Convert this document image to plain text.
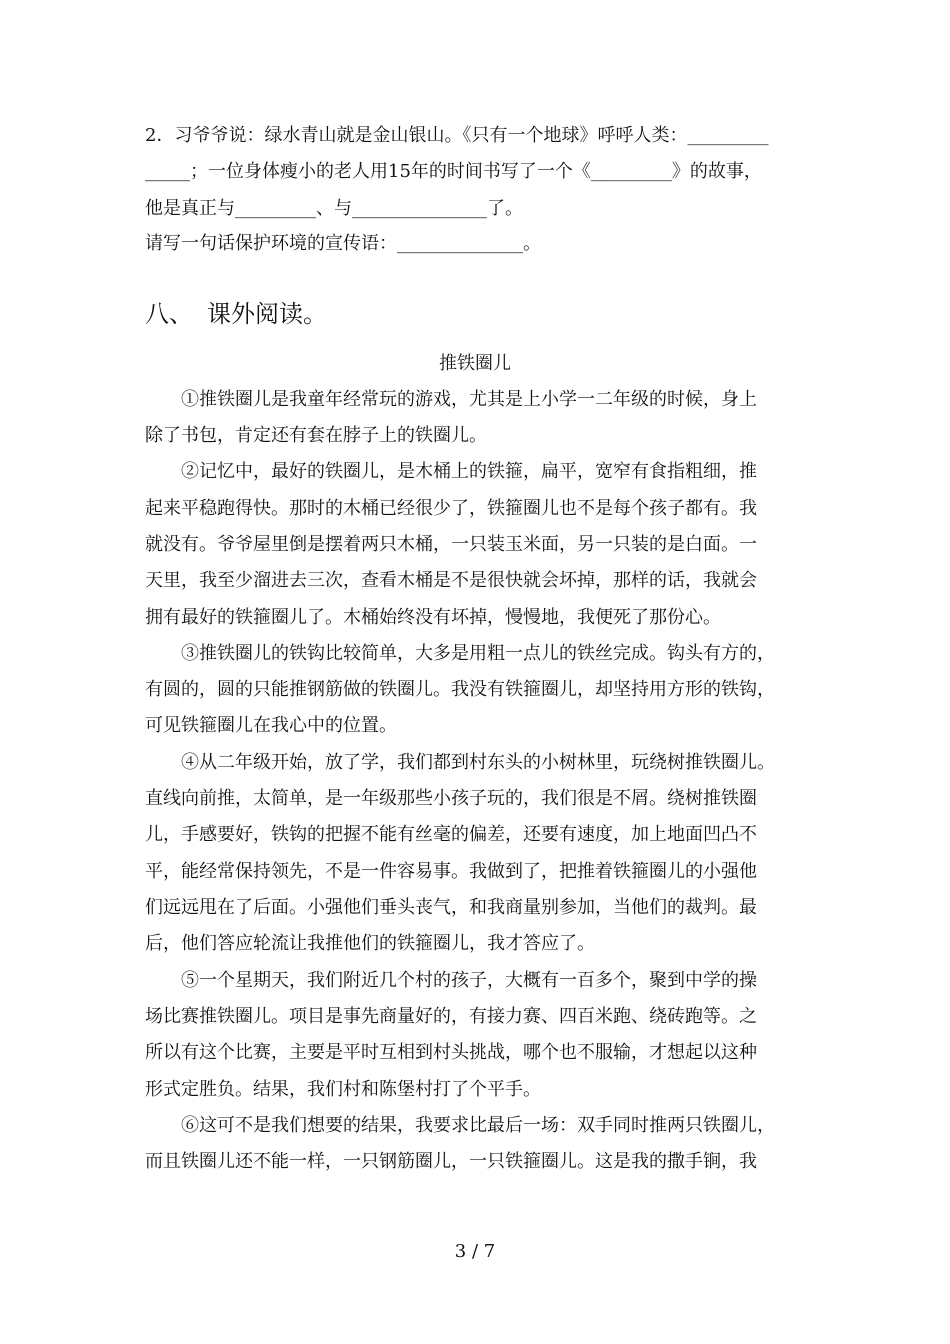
2．习爷爷说：绿水青山就是金山银山。《只有一个地球》呼呼人类：_________
_____；一位身体瘦小的老人用15年的时间书写了一个《_________》的故事，
他是真正与_________、与_______________了。
请写一句话保护环境的宣传语：______________。
八、 课外阅读。
推铁圈儿
　　①推铁圈儿是我童年经常玩的游戏，尤其是上小学一二年级的时候，身上
除了书包，肯定还有套在脖子上的铁圈儿。
　　②记忆中，最好的铁圈儿，是木桶上的铁箍，扁平，宽窄有食指粗细，推
起来平稳跑得快。那时的木桶已经很少了，铁箍圈儿也不是每个孩子都有。我
就没有。爷爷屋里倒是摆着两只木桶，一只装玉米面，另一只装的是白面。一
天里，我至少溜进去三次，查看木桶是不是很快就会坏掉，那样的话，我就会
拥有最好的铁箍圈儿了。木桶始终没有坏掉，慢慢地，我便死了那份心。
　　③推铁圈儿的铁钩比较简单，大多是用粗一点儿的铁丝完成。钩头有方的，
有圆的，圆的只能推钢筋做的铁圈儿。我没有铁箍圈儿，却坚持用方形的铁钩，
可见铁箍圈儿在我心中的位置。
　　④从二年级开始，放了学，我们都到村东头的小树林里，玩绕树推铁圈儿。
直线向前推，太简单，是一年级那些小孩子玩的，我们很是不屑。绕树推铁圈
儿，手感要好，铁钩的把握不能有丝毫的偏差，还要有速度，加上地面凹凸不
平，能经常保持领先，不是一件容易事。我做到了，把推着铁箍圈儿的小强他
们远远甩在了后面。小强他们垂头丧气，和我商量别参加，当他们的裁判。最
后，他们答应轮流让我推他们的铁箍圈儿，我才答应了。
　　⑤一个星期天，我们附近几个村的孩子，大概有一百多个，聚到中学的操
场比赛推铁圈儿。项目是事先商量好的，有接力赛、四百米跑、绕砖跑等。之
所以有这个比赛，主要是平时互相到村头挑战，哪个也不服输，才想起以这种
形式定胜负。结果，我们村和陈堡村打了个平手。
　　⑥这可不是我们想要的结果，我要求比最后一场：双手同时推两只铁圈儿，
而且铁圈儿还不能一样，一只钢筋圈儿，一只铁箍圈儿。这是我的撒手锏，我
3 / 7
